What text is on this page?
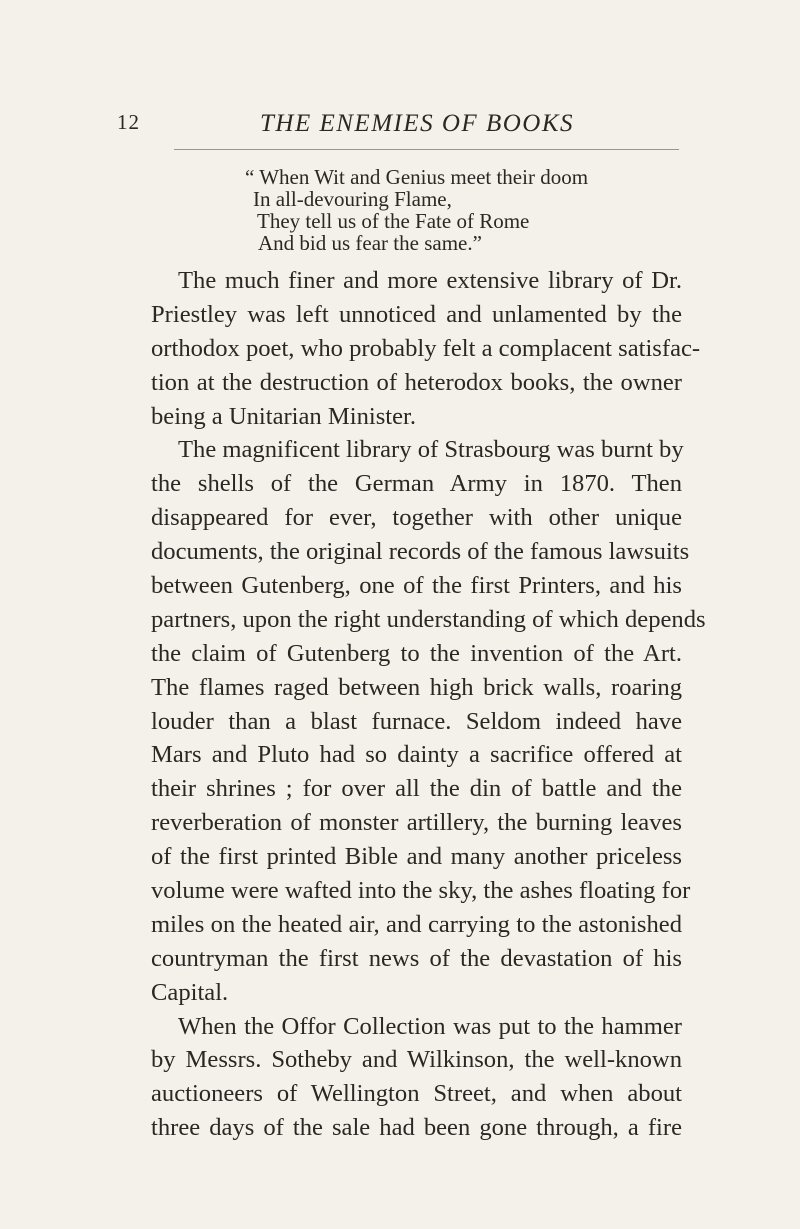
12	THE ENEMIES OF BOOKS
“ When Wit and Genius meet their doom
In all-devouring Flame,
They tell us of the Fate of Rome
And bid us fear the same.”
The much finer and more extensive library of Dr.
Priestley was left unnoticed and unlamented by the
orthodox poet, who probably felt a complacent satisfac-
tion at the destruction of heterodox books, the owner
being a Unitarian Minister.
The magnificent library of Strasbourg was burnt by
the shells of the German Army in 1870. Then
disappeared for ever, together with other unique
documents, the original records of the famous lawsuits
between Gutenberg, one of the first Printers, and his
partners, upon the right understanding of which depends
the claim of Gutenberg to the invention of the Art.
The flames raged between high brick walls, roaring
louder than a blast furnace. Seldom indeed have
Mars and Pluto had so dainty a sacrifice offered at
their shrines ; for over all the din of battle and the
reverberation of monster artillery, the burning leaves
of the first printed Bible and many another priceless
volume were wafted into the sky, the ashes floating for
miles on the heated air, and carrying to the astonished
countryman the first news of the devastation of his
Capital.
When the Offor Collection was put to the hammer
by Messrs. Sotheby and Wilkinson, the well-known
auctioneers of Wellington Street, and when about
three days of the sale had been gone through, a fire
